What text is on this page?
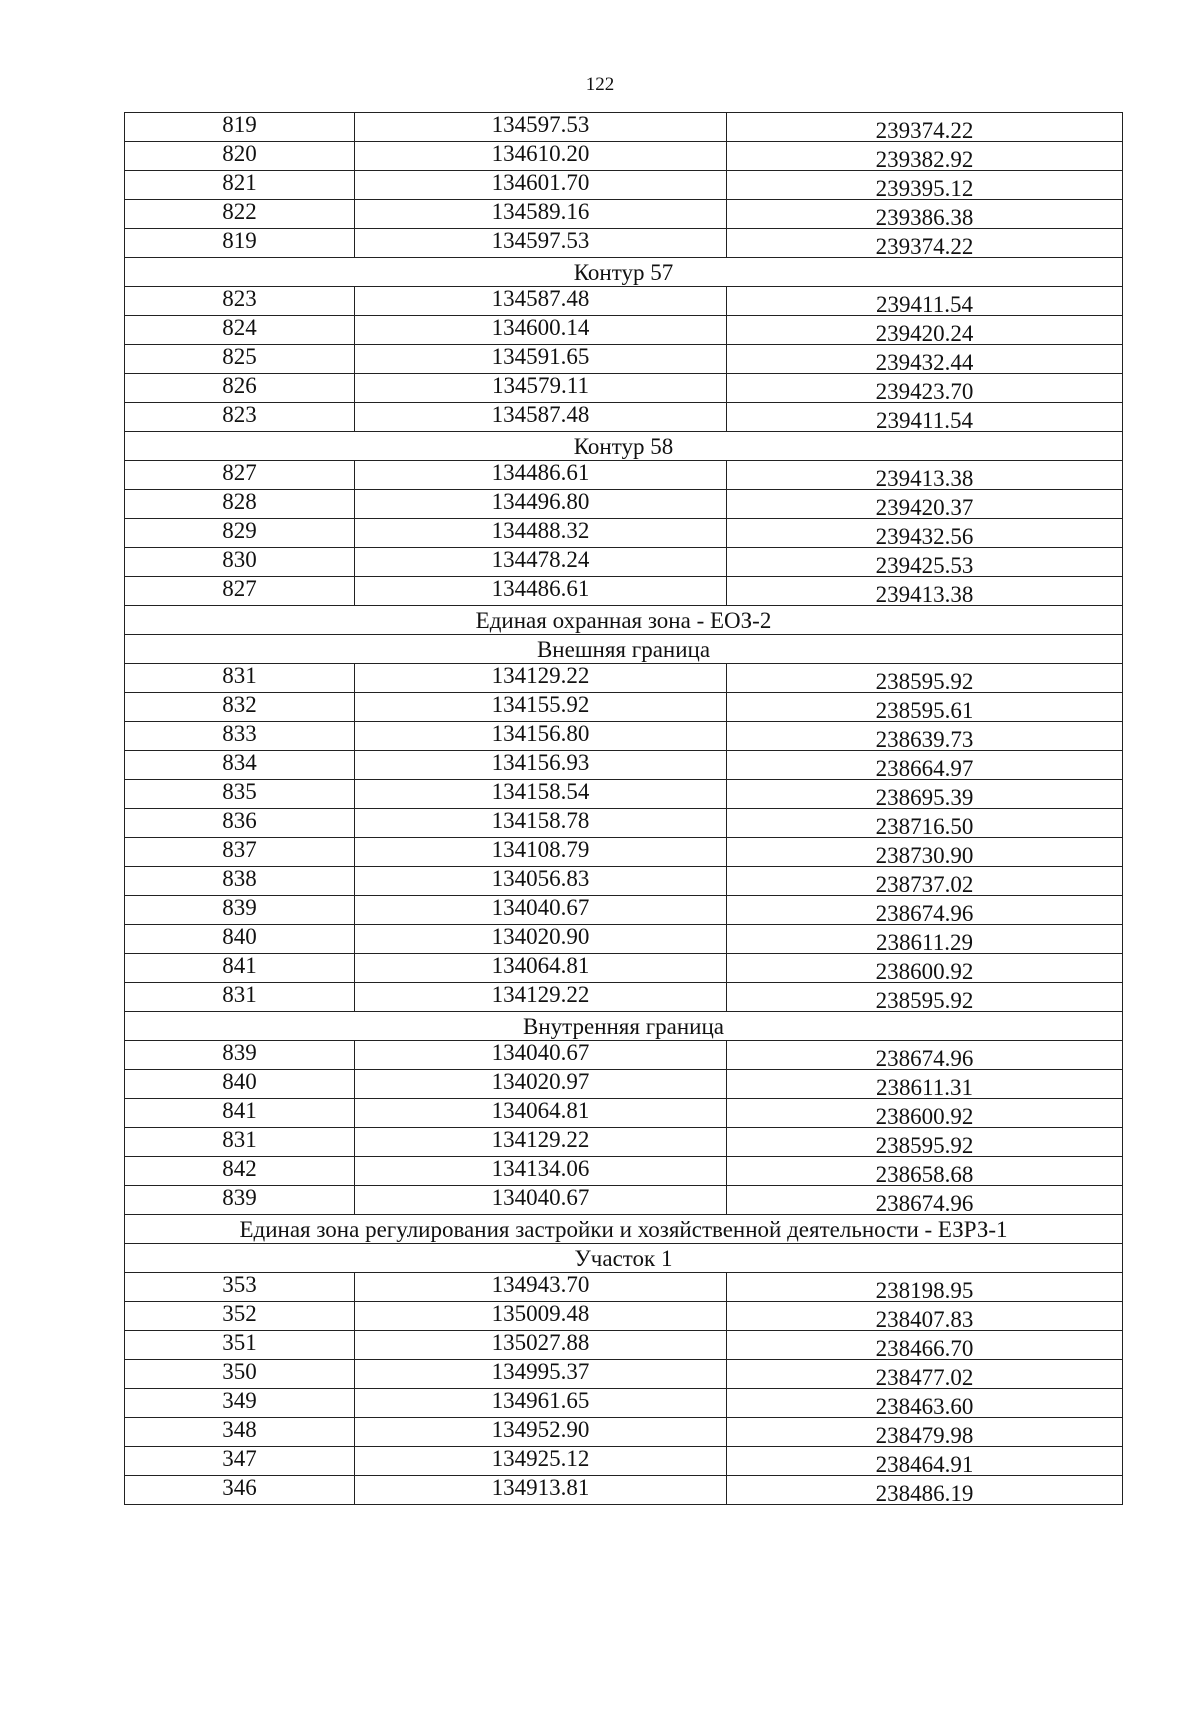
122
819	134597.53	239374.22
820	134610.20	239382.92
821	134601.70	239395.12
822	134589.16	239386.38
819	134597.53	239374.22
Контур 57		
823	134587.48	239411.54
824	134600.14	239420.24
825	134591.65	239432.44
826	134579.11	239423.70
823	134587.48	239411.54
Контур 58		
827	134486.61	239413.38
828	134496.80	239420.37
829	134488.32	239432.56
830	134478.24	239425.53
827	134486.61	239413.38
Единая охранная зона - ЕОЗ-2		
Внешняя граница		
831	134129.22	238595.92
832	134155.92	238595.61
833	134156.80	238639.73
834	134156.93	238664.97
835	134158.54	238695.39
836	134158.78	238716.50
837	134108.79	238730.90
838	134056.83	238737.02
839	134040.67	238674.96
840	134020.90	238611.29
841	134064.81	238600.92
831	134129.22	238595.92
Внутренняя граница		
839	134040.67	238674.96
840	134020.97	238611.31
841	134064.81	238600.92
831	134129.22	238595.92
842	134134.06	238658.68
839	134040.67	238674.96
Единая зона регулирования застройки и хозяйственной деятельности - ЕЗРЗ-1		
Участок 1		
353	134943.70	238198.95
352	135009.48	238407.83
351	135027.88	238466.70
350	134995.37	238477.02
349	134961.65	238463.60
348	134952.90	238479.98
347	134925.12	238464.91
346	134913.81	238486.19
